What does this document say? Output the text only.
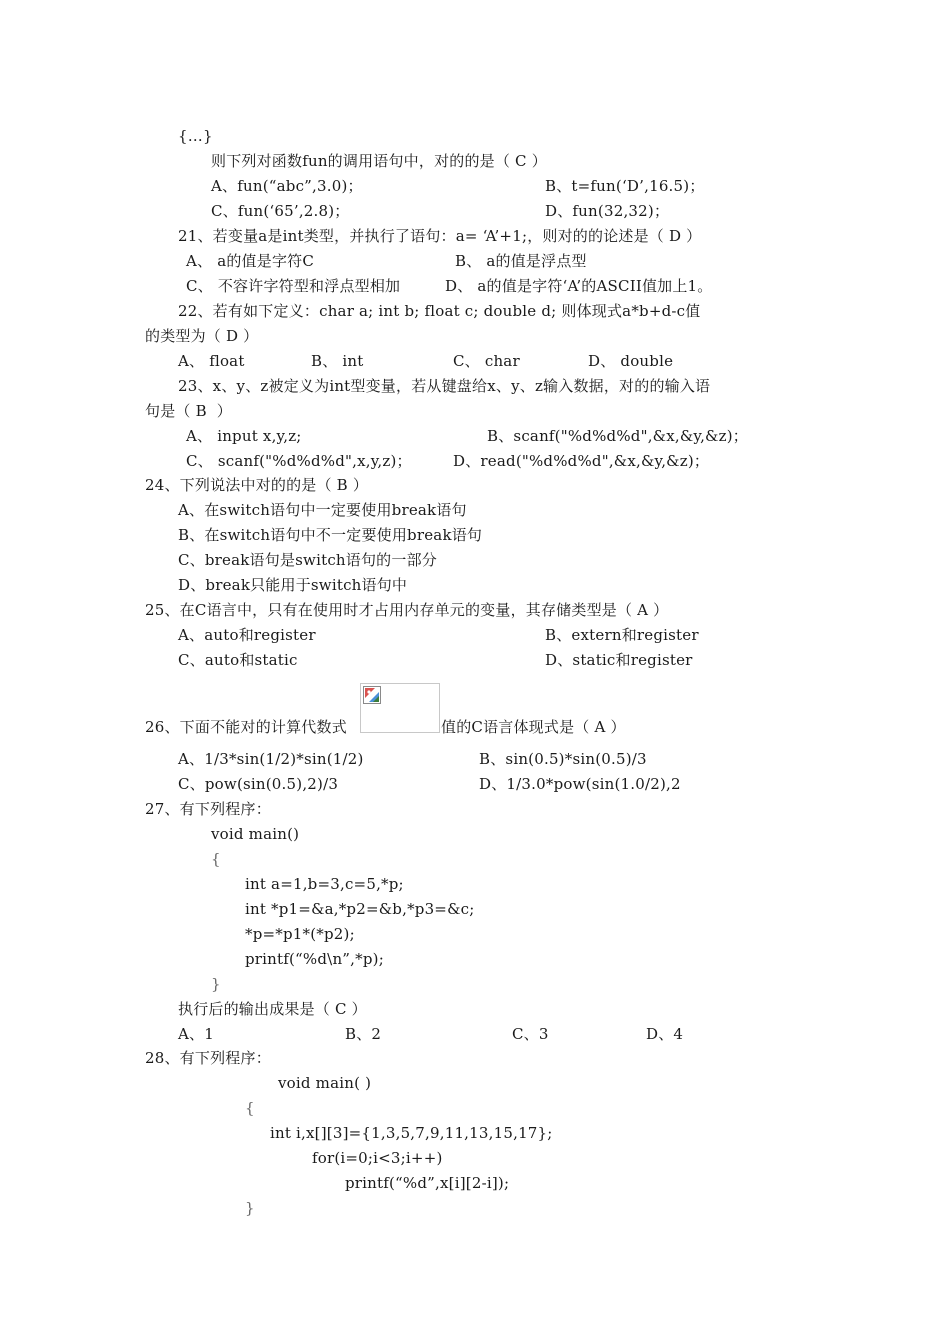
{…}
则下列对函数fun的调用语句中，对的的是（ C ）
A、fun(“abc”,3.0)；	B、t=fun(‘D’,16.5)；
C、fun(‘65’,2.8)；	D、fun(32,32)；
21、若变量a是int类型，并执行了语句：a= ‘A’+1;，则对的的论述是（ D ）
A、 a的值是字符C	B、 a的值是浮点型
C、 不容许字符型和浮点型相加	D、 a的值是字符‘A’的ASCII值加上1。
22、若有如下定义：char a; int b; float c; double d; 则体现式a*b+d-c值
的类型为（ D ）
A、 float	B、 int	C、 char	D、 double
23、x、y、z被定义为int型变量，若从键盘给x、y、z输入数据，对的的输入语
句是（ B  ）
A、 input x,y,z;	B、scanf("%d%d%d",&x,&y,&z)；
C、 scanf("%d%d%d",x,y,z)；	D、read("%d%d%d",&x,&y,&z)；
24、下列说法中对的的是（ B ）
A、在switch语句中一定要使用break语句
B、在switch语句中不一定要使用break语句
C、break语句是switch语句的一部分
D、break只能用于switch语句中
25、在C语言中，只有在使用时才占用内存单元的变量，其存储类型是（ A ）
A、auto和register	B、extern和register
C、auto和static	D、static和register
26、下面不能对的计算代数式	值的C语言体现式是（ A ）
A、1/3*sin(1/2)*sin(1/2)	B、sin(0.5)*sin(0.5)/3
C、pow(sin(0.5),2)/3	D、1/3.0*pow(sin(1.0/2),2
27、有下列程序：
void main()
{
int a=1,b=3,c=5,*p;
int *p1=&a,*p2=&b,*p3=&c;
*p=*p1*(*p2);
printf(“%d\n”,*p);
}
执行后的输出成果是（ C ）
A、1	B、2	C、3	D、4
28、有下列程序：
void main( )
{
int i,x[][3]={1,3,5,7,9,11,13,15,17};
for(i=0;i<3;i++)
printf(“%d”,x[i][2-i]);
}
